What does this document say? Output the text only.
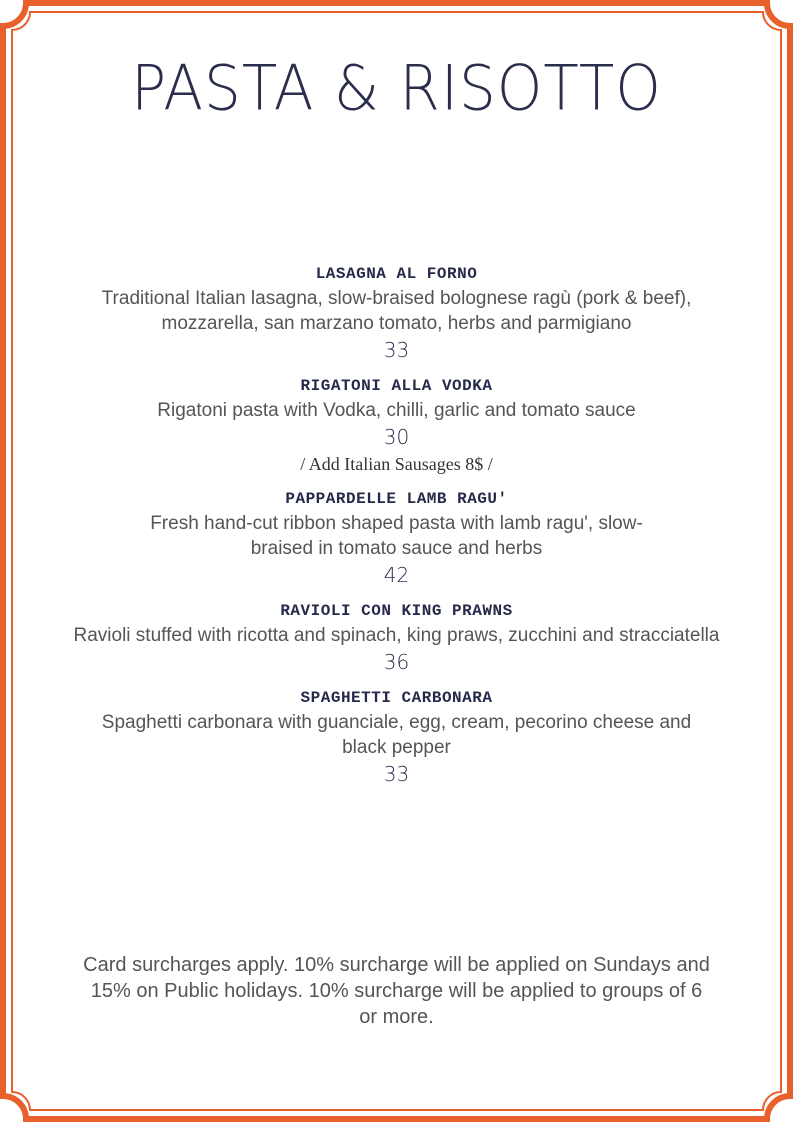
PASTA & RISOTTO
LASAGNA AL FORNO
Traditional Italian lasagna, slow-braised bolognese ragù (pork & beef), mozzarella, san marzano tomato, herbs and parmigiano
33
RIGATONI ALLA VODKA
Rigatoni pasta with Vodka, chilli, garlic and tomato sauce
30
/ Add Italian Sausages 8$ /
PAPPARDELLE LAMB RAGU'
Fresh hand-cut ribbon shaped pasta with lamb ragu', slow-braised in tomato sauce and herbs
42
RAVIOLI CON KING PRAWNS
Ravioli stuffed with ricotta and spinach, king praws, zucchini and stracciatella
36
SPAGHETTI CARBONARA
Spaghetti carbonara with guanciale, egg, cream, pecorino cheese and black pepper
33
Card surcharges apply. 10% surcharge will be applied on Sundays and 15% on Public holidays. 10% surcharge will be applied to groups of 6 or more.
